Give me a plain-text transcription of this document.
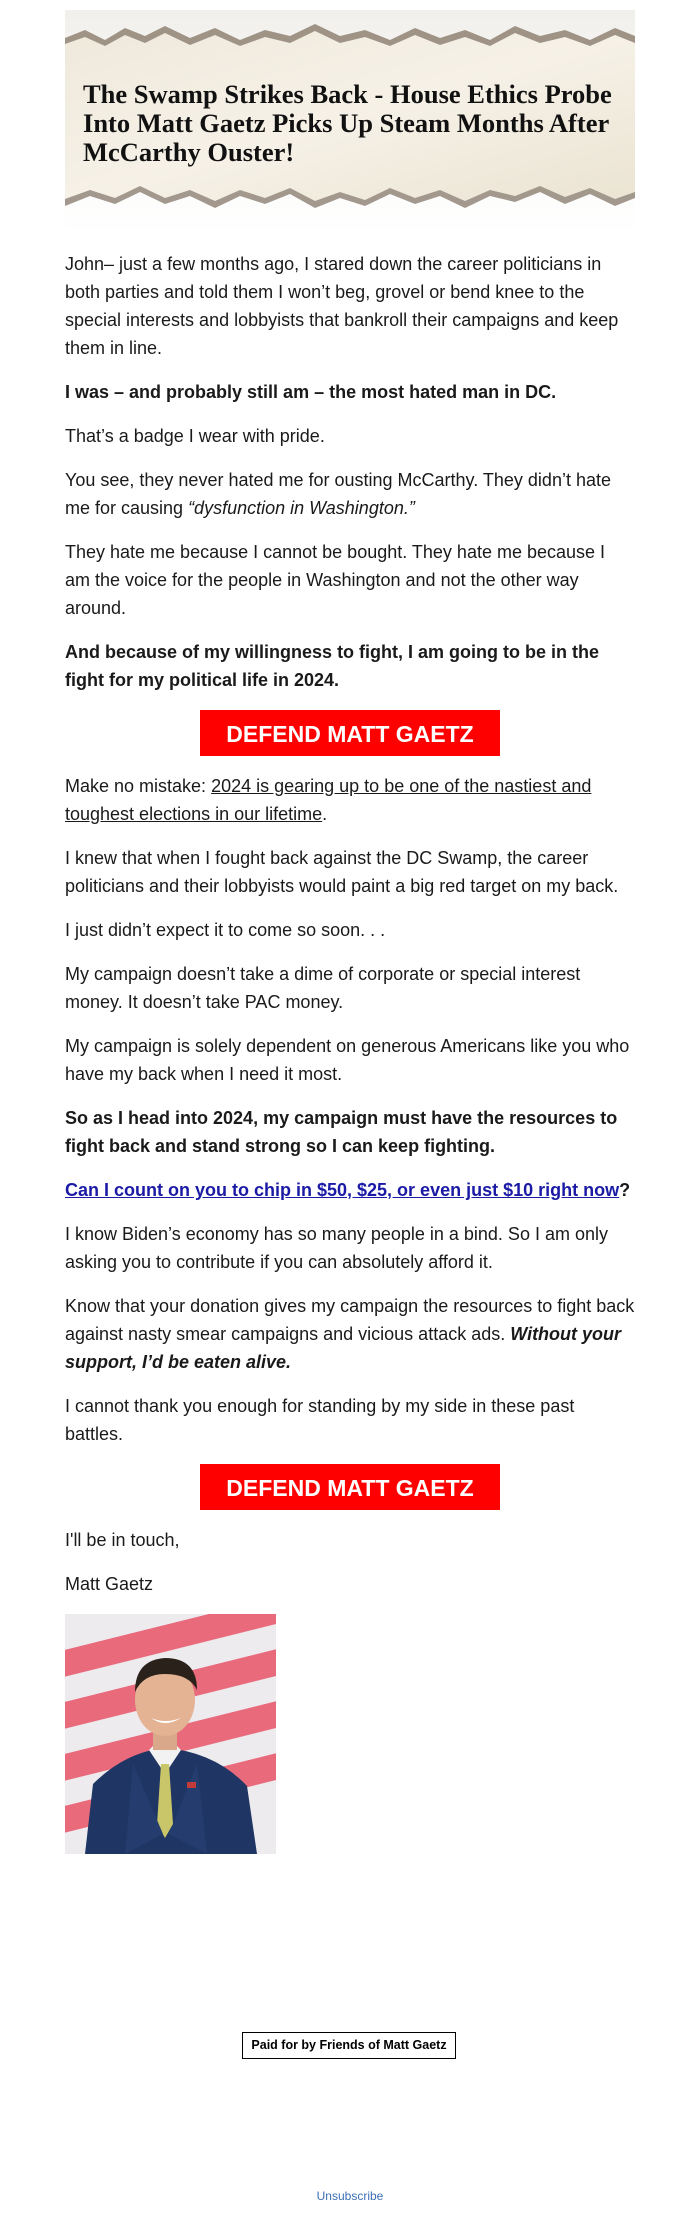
The Swamp Strikes Back - House Ethics Probe Into Matt Gaetz Picks Up Steam Months After McCarthy Ouster!

John– just a few months ago, I stared down the career politicians in both parties and told them I won’t beg, grovel or bend knee to the special interests and lobbyists that bankroll their campaigns and keep them in line.

I was – and probably still am – the most hated man in DC.

That’s a badge I wear with pride.

You see, they never hated me for ousting McCarthy. They didn’t hate me for causing “dysfunction in Washington.”

They hate me because I cannot be bought. They hate me because I am the voice for the people in Washington and not the other way around.

And because of my willingness to fight, I am going to be in the fight for my political life in 2024.

DEFEND MATT GAETZ

Make no mistake: 2024 is gearing up to be one of the nastiest and toughest elections in our lifetime.

I knew that when I fought back against the DC Swamp, the career politicians and their lobbyists would paint a big red target on my back.

I just didn’t expect it to come so soon. . .

My campaign doesn’t take a dime of corporate or special interest money. It doesn’t take PAC money.

My campaign is solely dependent on generous Americans like you who have my back when I need it most.

So as I head into 2024, my campaign must have the resources to fight back and stand strong so I can keep fighting.

Can I count on you to chip in $50, $25, or even just $10 right now?

I know Biden’s economy has so many people in a bind. So I am only asking you to contribute if you can absolutely afford it.

Know that your donation gives my campaign the resources to fight back against nasty smear campaigns and vicious attack ads. Without your support, I’d be eaten alive.

I cannot thank you enough for standing by my side in these past battles.

DEFEND MATT GAETZ

I'll be in touch,

Matt Gaetz

Paid for by Friends of Matt Gaetz
Unsubscribe
